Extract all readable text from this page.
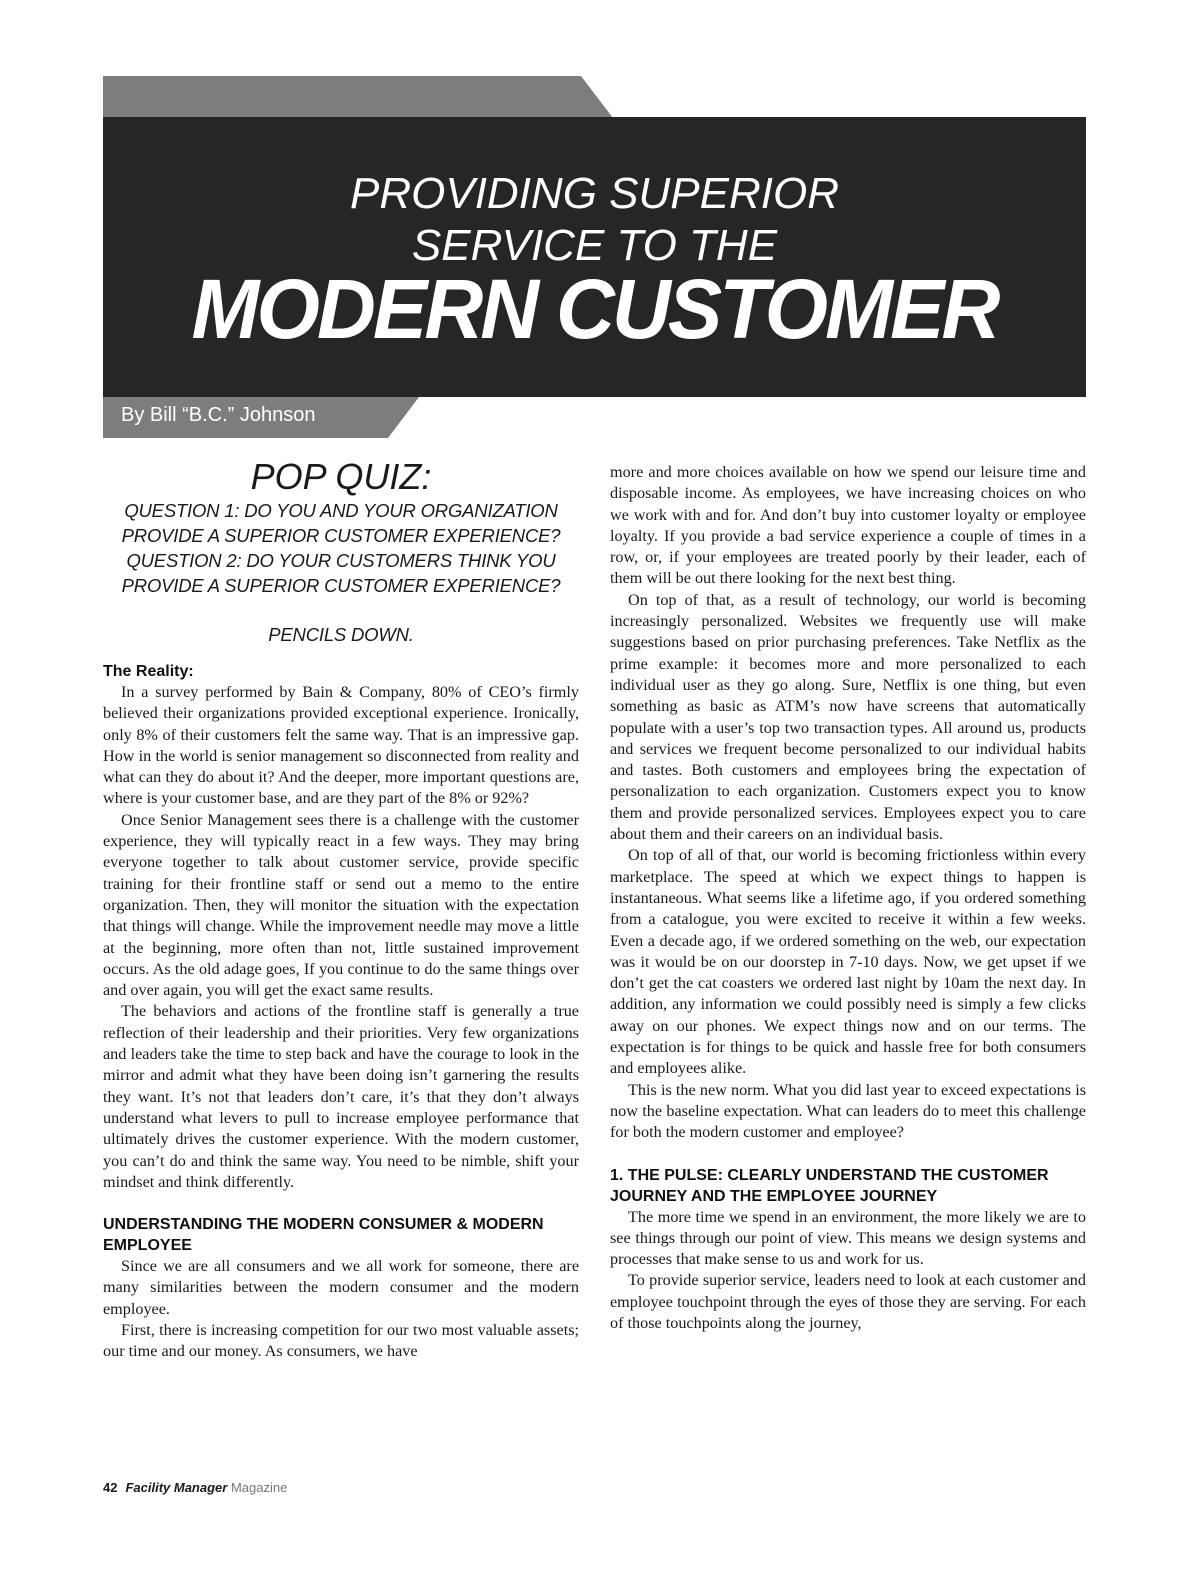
PROVIDING SUPERIOR
SERVICE TO THE
MODERN CUSTOMER
By Bill “B.C.” Johnson
POP QUIZ:
QUESTION 1: DO YOU AND YOUR ORGANIZATION
PROVIDE A SUPERIOR CUSTOMER EXPERIENCE?
QUESTION 2: DO YOUR CUSTOMERS THINK YOU
PROVIDE A SUPERIOR CUSTOMER EXPERIENCE?
PENCILS DOWN.
The Reality:

In a survey performed by Bain & Company, 80% of CEO’s firmly believed their organizations provided exceptional experience. Ironically, only 8% of their customers felt the same way. That is an impressive gap. How in the world is senior management so disconnected from reality and what can they do about it? And the deeper, more important questions are, where is your customer base, and are they part of the 8% or 92%?

Once Senior Management sees there is a challenge with the customer experience, they will typically react in a few ways. They may bring everyone together to talk about customer service, provide specific training for their frontline staff or send out a memo to the entire organization. Then, they will monitor the situation with the expectation that things will change. While the improvement needle may move a little at the beginning, more often than not, little sustained improvement occurs. As the old adage goes, If you continue to do the same things over and over again, you will get the exact same results.

The behaviors and actions of the frontline staff is generally a true reflection of their leadership and their priorities. Very few organizations and leaders take the time to step back and have the courage to look in the mirror and admit what they have been doing isn’t garnering the results they want. It’s not that leaders don’t care, it’s that they don’t always understand what levers to pull to increase employee performance that ultimately drives the customer experience. With the modern customer, you can’t do and think the same way. You need to be nimble, shift your mindset and think differently.

UNDERSTANDING THE MODERN CONSUMER & MODERN EMPLOYEE

Since we are all consumers and we all work for someone, there are many similarities between the modern consumer and the modern employee.

First, there is increasing competition for our two most valuable assets; our time and our money. As consumers, we have

more and more choices available on how we spend our leisure time and disposable income. As employees, we have increasing choices on who we work with and for. And don’t buy into customer loyalty or employee loyalty. If you provide a bad service experience a couple of times in a row, or, if your employees are treated poorly by their leader, each of them will be out there looking for the next best thing.

On top of that, as a result of technology, our world is becoming increasingly personalized. Websites we frequently use will make suggestions based on prior purchasing preferences. Take Netflix as the prime example: it becomes more and more personalized to each individual user as they go along. Sure, Netflix is one thing, but even something as basic as ATM’s now have screens that automatically populate with a user’s top two transaction types. All around us, products and services we frequent become personalized to our individual habits and tastes. Both customers and employees bring the expectation of personalization to each organization. Customers expect you to know them and provide personalized services. Employees expect you to care about them and their careers on an individual basis.

On top of all of that, our world is becoming frictionless within every marketplace. The speed at which we expect things to happen is instantaneous. What seems like a lifetime ago, if you ordered something from a catalogue, you were excited to receive it within a few weeks. Even a decade ago, if we ordered something on the web, our expectation was it would be on our doorstep in 7-10 days. Now, we get upset if we don’t get the cat coasters we ordered last night by 10am the next day. In addition, any information we could possibly need is simply a few clicks away on our phones. We expect things now and on our terms. The expectation is for things to be quick and hassle free for both consumers and employees alike.

This is the new norm. What you did last year to exceed expectations is now the baseline expectation. What can leaders do to meet this challenge for both the modern customer and employee?

1. THE PULSE: CLEARLY UNDERSTAND THE CUSTOMER JOURNEY AND THE EMPLOYEE JOURNEY

The more time we spend in an environment, the more likely we are to see things through our point of view. This means we design systems and processes that make sense to us and work for us.

To provide superior service, leaders need to look at each customer and employee touchpoint through the eyes of those they are serving. For each of those touchpoints along the journey,

42 Facility Manager Magazine
